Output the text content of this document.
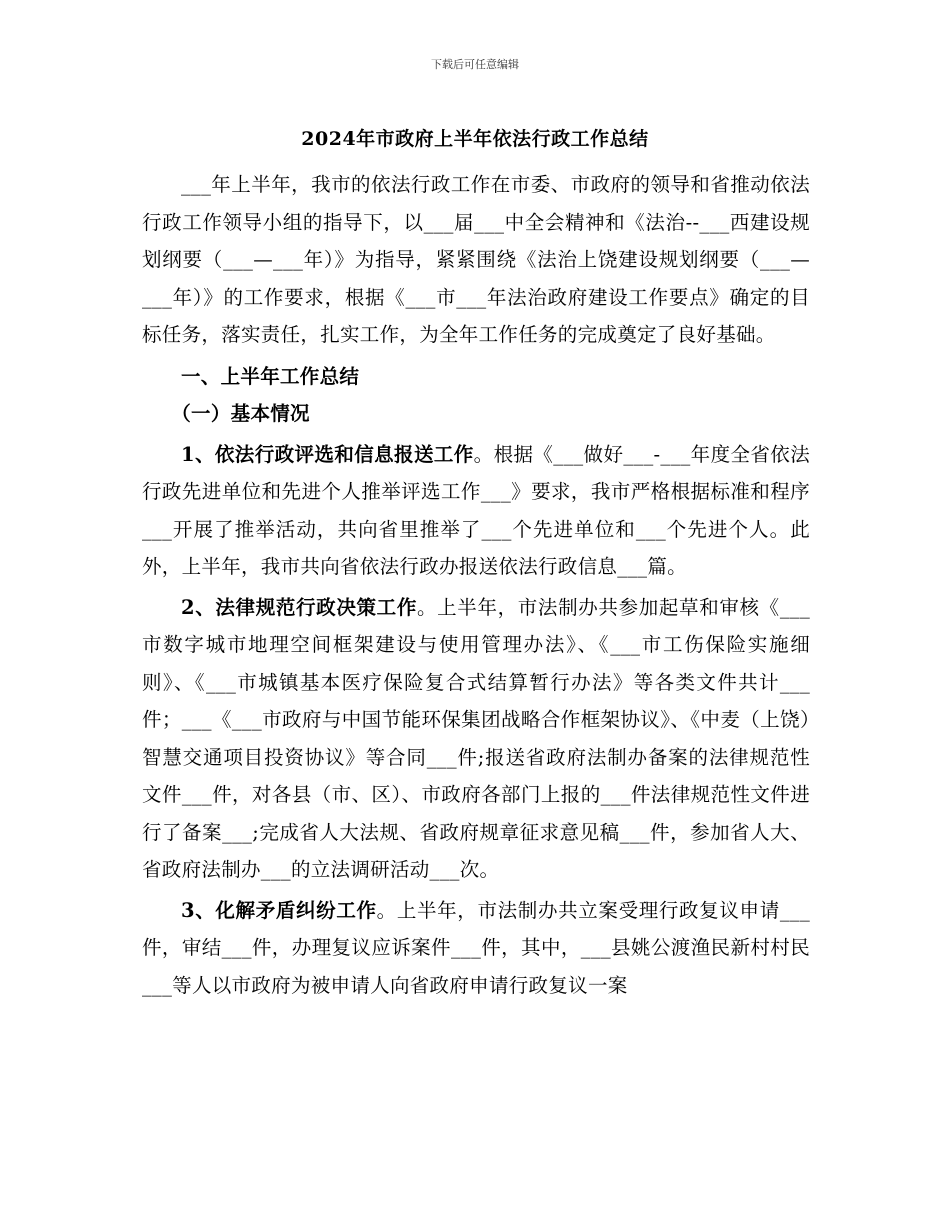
下载后可任意编辑
2024年市政府上半年依法行政工作总结

___年上半年，我市的依法行政工作在市委、市政府的领导和省推动依法行政工作领导小组的指导下，以___届___中全会精神和《法治--___西建设规划纲要（___—___年）》为指导，紧紧围绕《法治上饶建设规划纲要（___—___年）》的工作要求，根据《___市___年法治政府建设工作要点》确定的目标任务，落实责任，扎实工作，为全年工作任务的完成奠定了良好基础。

一、上半年工作总结

（一）基本情况

1、依法行政评选和信息报送工作。根据《___做好___-___年度全省依法行政先进单位和先进个人推举评选工作___》要求，我市严格根据标准和程序___开展了推举活动，共向省里推举了___个先进单位和___个先进个人。此外，上半年，我市共向省依法行政办报送依法行政信息___篇。

2、法律规范行政决策工作。上半年，市法制办共参加起草和审核《___市数字城市地理空间框架建设与使用管理办法》、《___市工伤保险实施细则》、《___市城镇基本医疗保险复合式结算暂行办法》等各类文件共计___件；___《___市政府与中国节能环保集团战略合作框架协议》、《中麦（上饶）智慧交通项目投资协议》等合同___件;报送省政府法制办备案的法律规范性文件___件，对各县（市、区）、市政府各部门上报的___件法律规范性文件进行了备案___;完成省人大法规、省政府规章征求意见稿___件，参加省人大、省政府法制办___的立法调研活动___次。

3、化解矛盾纠纷工作。上半年，市法制办共立案受理行政复议申请___件，审结___件，办理复议应诉案件___件，其中，___县姚公渡渔民新村村民___等人以市政府为被申请人向省政府申请行政复议一案
